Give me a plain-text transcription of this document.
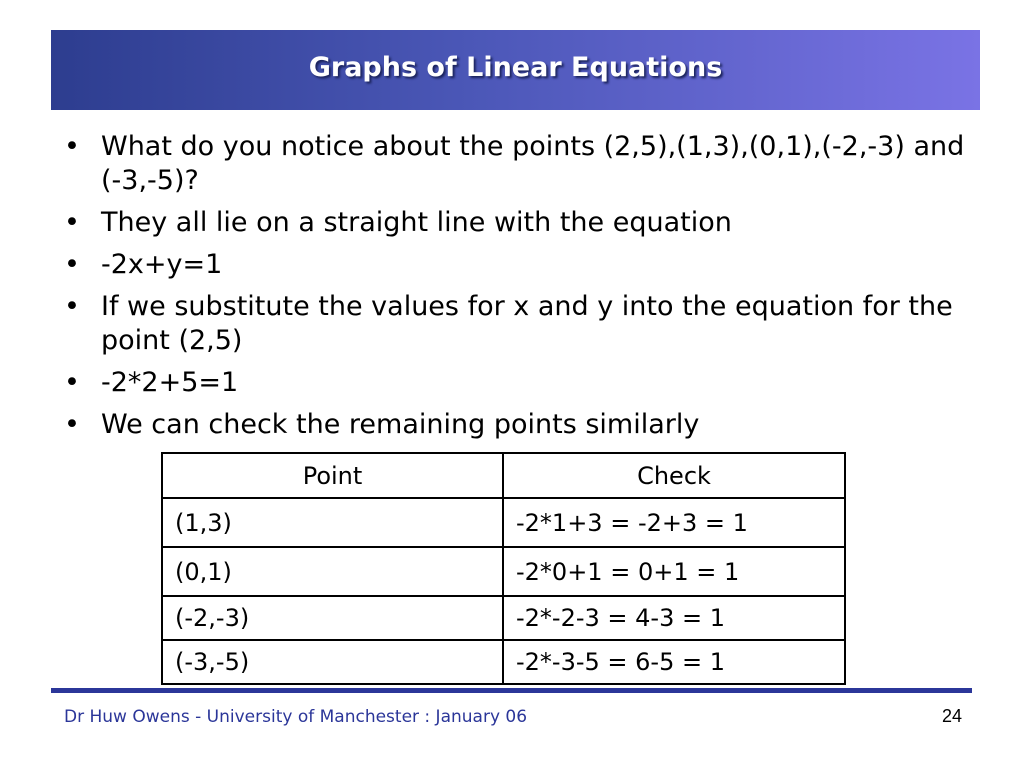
Graphs of Linear Equations
• What do you notice about the points (2,5),(1,3),(0,1),(-2,-3) and (-3,-5)?
• They all lie on a straight line with the equation
• -2x+y=1
• If we substitute the values for x and y into the equation for the point (2,5)
• -2*2+5=1
• We can check the remaining points similarly
Point	Check
(1,3)	-2*1+3 = -2+3 = 1
(0,1)	-2*0+1 = 0+1 = 1
(-2,-3)	-2*-2-3 = 4-3 = 1
(-3,-5)	-2*-3-5 = 6-5 = 1
Dr Huw Owens - University of Manchester : January 06	24
